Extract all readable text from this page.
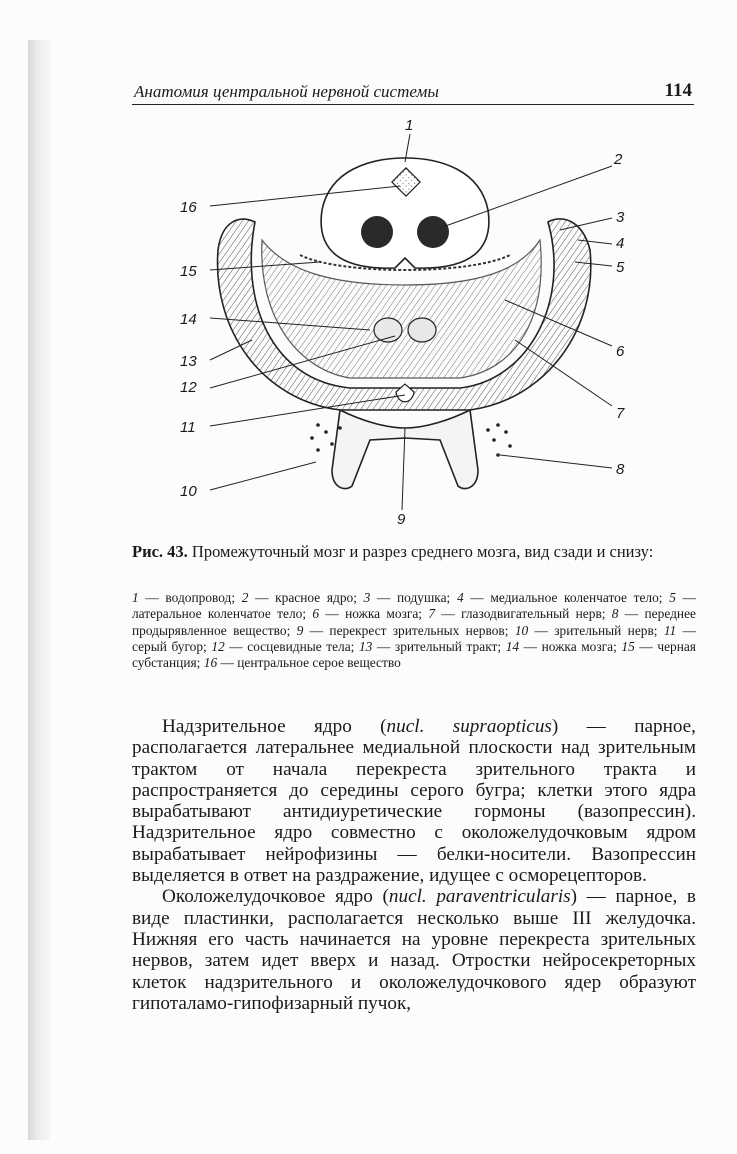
Анатомия центральной нервной системы	114
1
2
3
4
5
6
7
8
9
10
11
12
13
14
15
16
Рис. 43. Промежуточный мозг и разрез среднего мозга, вид сзади и снизу:
1 — водопровод; 2 — красное ядро; 3 — подушка; 4 — медиальное коленчатое тело; 5 — латеральное коленчатое тело; 6 — ножка мозга; 7 — глазодвигательный нерв; 8 — переднее продырявленное вещество; 9 — перекрест зрительных нервов; 10 — зрительный нерв; 11 — серый бугор; 12 — сосцевидные тела; 13 — зрительный тракт; 14 — ножка мозга; 15 — черная субстанция; 16 — центральное серое вещество

Надзрительное ядро (nucl. supraopticus) — парное, располагается латеральнее медиальной плоскости над зрительным трактом от начала перекреста зрительного тракта и распространяется до середины серого бугра; клетки этого ядра вырабатывают антидиуретические гормоны (вазопрессин). Надзрительное ядро совместно с околожелудочковым ядром вырабатывает нейрофизины — белки-носители. Вазопрессин выделяется в ответ на раздражение, идущее с осморецепторов.

Околожелудочковое ядро (nucl. paraventricularis) — парное, в виде пластинки, располагается несколько выше III желудочка. Нижняя его часть начинается на уровне перекреста зрительных нервов, затем идет вверх и назад. Отростки нейросекреторных клеток надзрительного и околожелудочкового ядер образуют гипоталамо-гипофизарный пучок,
